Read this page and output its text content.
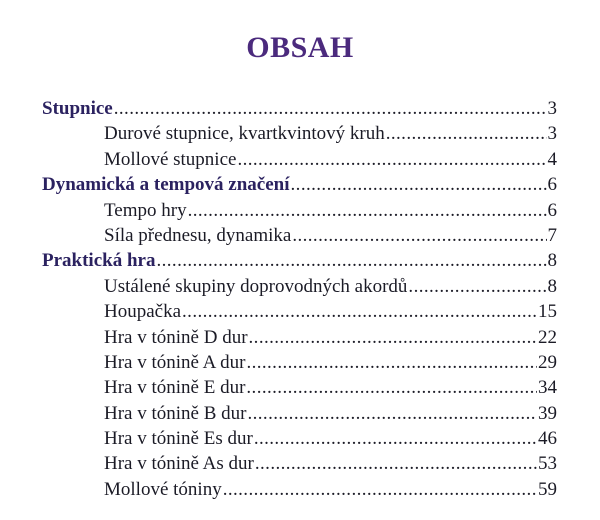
OBSAH
Stupnice .....	3
Durové stupnice, kvartkvintový kruh .....	3
Mollové stupnice .....	4
Dynamická a tempová značení .....	6
Tempo hry .....	6
Síla přednesu, dynamika .....	7
Praktická hra .....	8
Ustálené skupiny doprovodných akordů .....	8
Houpačka .....	15
Hra v tónině D dur .....	22
Hra v tónině A dur .....	29
Hra v tónině E dur .....	34
Hra v tónině B dur .....	39
Hra v tónině Es dur .....	46
Hra v tónině As dur .....	53
Mollové tóniny .....	59
